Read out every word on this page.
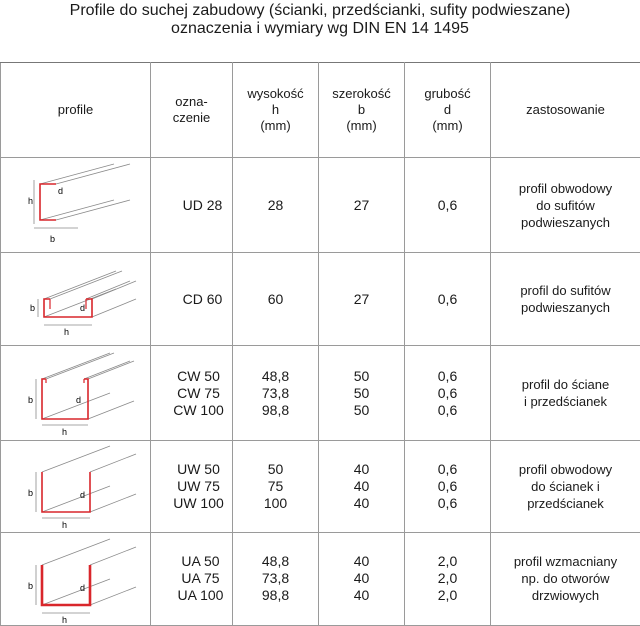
Profile do suchej zabudowy (ścianki, przedścianki, sufity podwieszane)
oznaczenia i wymiary wg DIN EN 14 1495
profile	ozna-
czenie	wysokość
h
(mm)	szerokość
b
(mm)	grubość
d
(mm)	zastosowanie

h
b
d	UD 28	28	27	0,6	profil obwodowy
do sufitów
podwieszanych

b
h
d	CD 60	60	27	0,6	profil do sufitów
podwieszanych

b
h
d	CW 50
CW 75
CW 100	48,8
73,8
98,8	50
50
50	0,6
0,6
0,6	profil do ściane
i przedścianek

b
h
d	UW 50
UW 75
UW 100	50
75
100	40
40
40	0,6
0,6
0,6	profil obwodowy
do ścianek i
przedścianek

b
h
d	UA 50
UA 75
UA 100	48,8
73,8
98,8	40
40
40	2,0
2,0
2,0	profil wzmacniany
np. do otworów
drzwiowych
